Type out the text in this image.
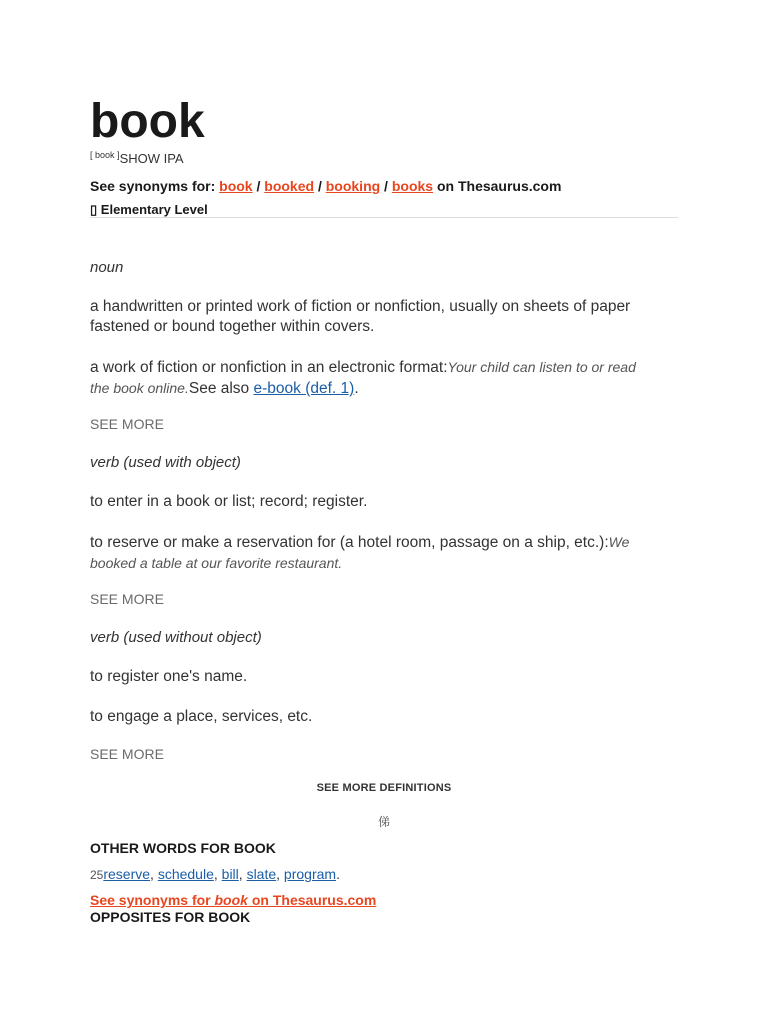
book
[ $^{book}$ ]SHOW IPA
See synonyms for: book / booked / booking / books on Thesaurus.com
▯ Elementary Level
noun
a handwritten or printed work of fiction or nonfiction, usually on sheets of paper fastened or bound together within covers.
a work of fiction or nonfiction in an electronic format:Your child can listen to or read the book online.See also e-book (def. 1).
SEE MORE
verb (used with object)
to enter in a book or list; record; register.
to reserve or make a reservation for (a hotel room, passage on a ship, etc.):We booked a table at our favorite restaurant.
SEE MORE
verb (used without object)
to register one's name.
to engage a place, services, etc.
SEE MORE
SEE MORE DEFINITIONS
俤
OTHER WORDS FOR BOOK
25reserve, schedule, bill, slate, program.
See synonyms for book on Thesaurus.com
OPPOSITES FOR BOOK
